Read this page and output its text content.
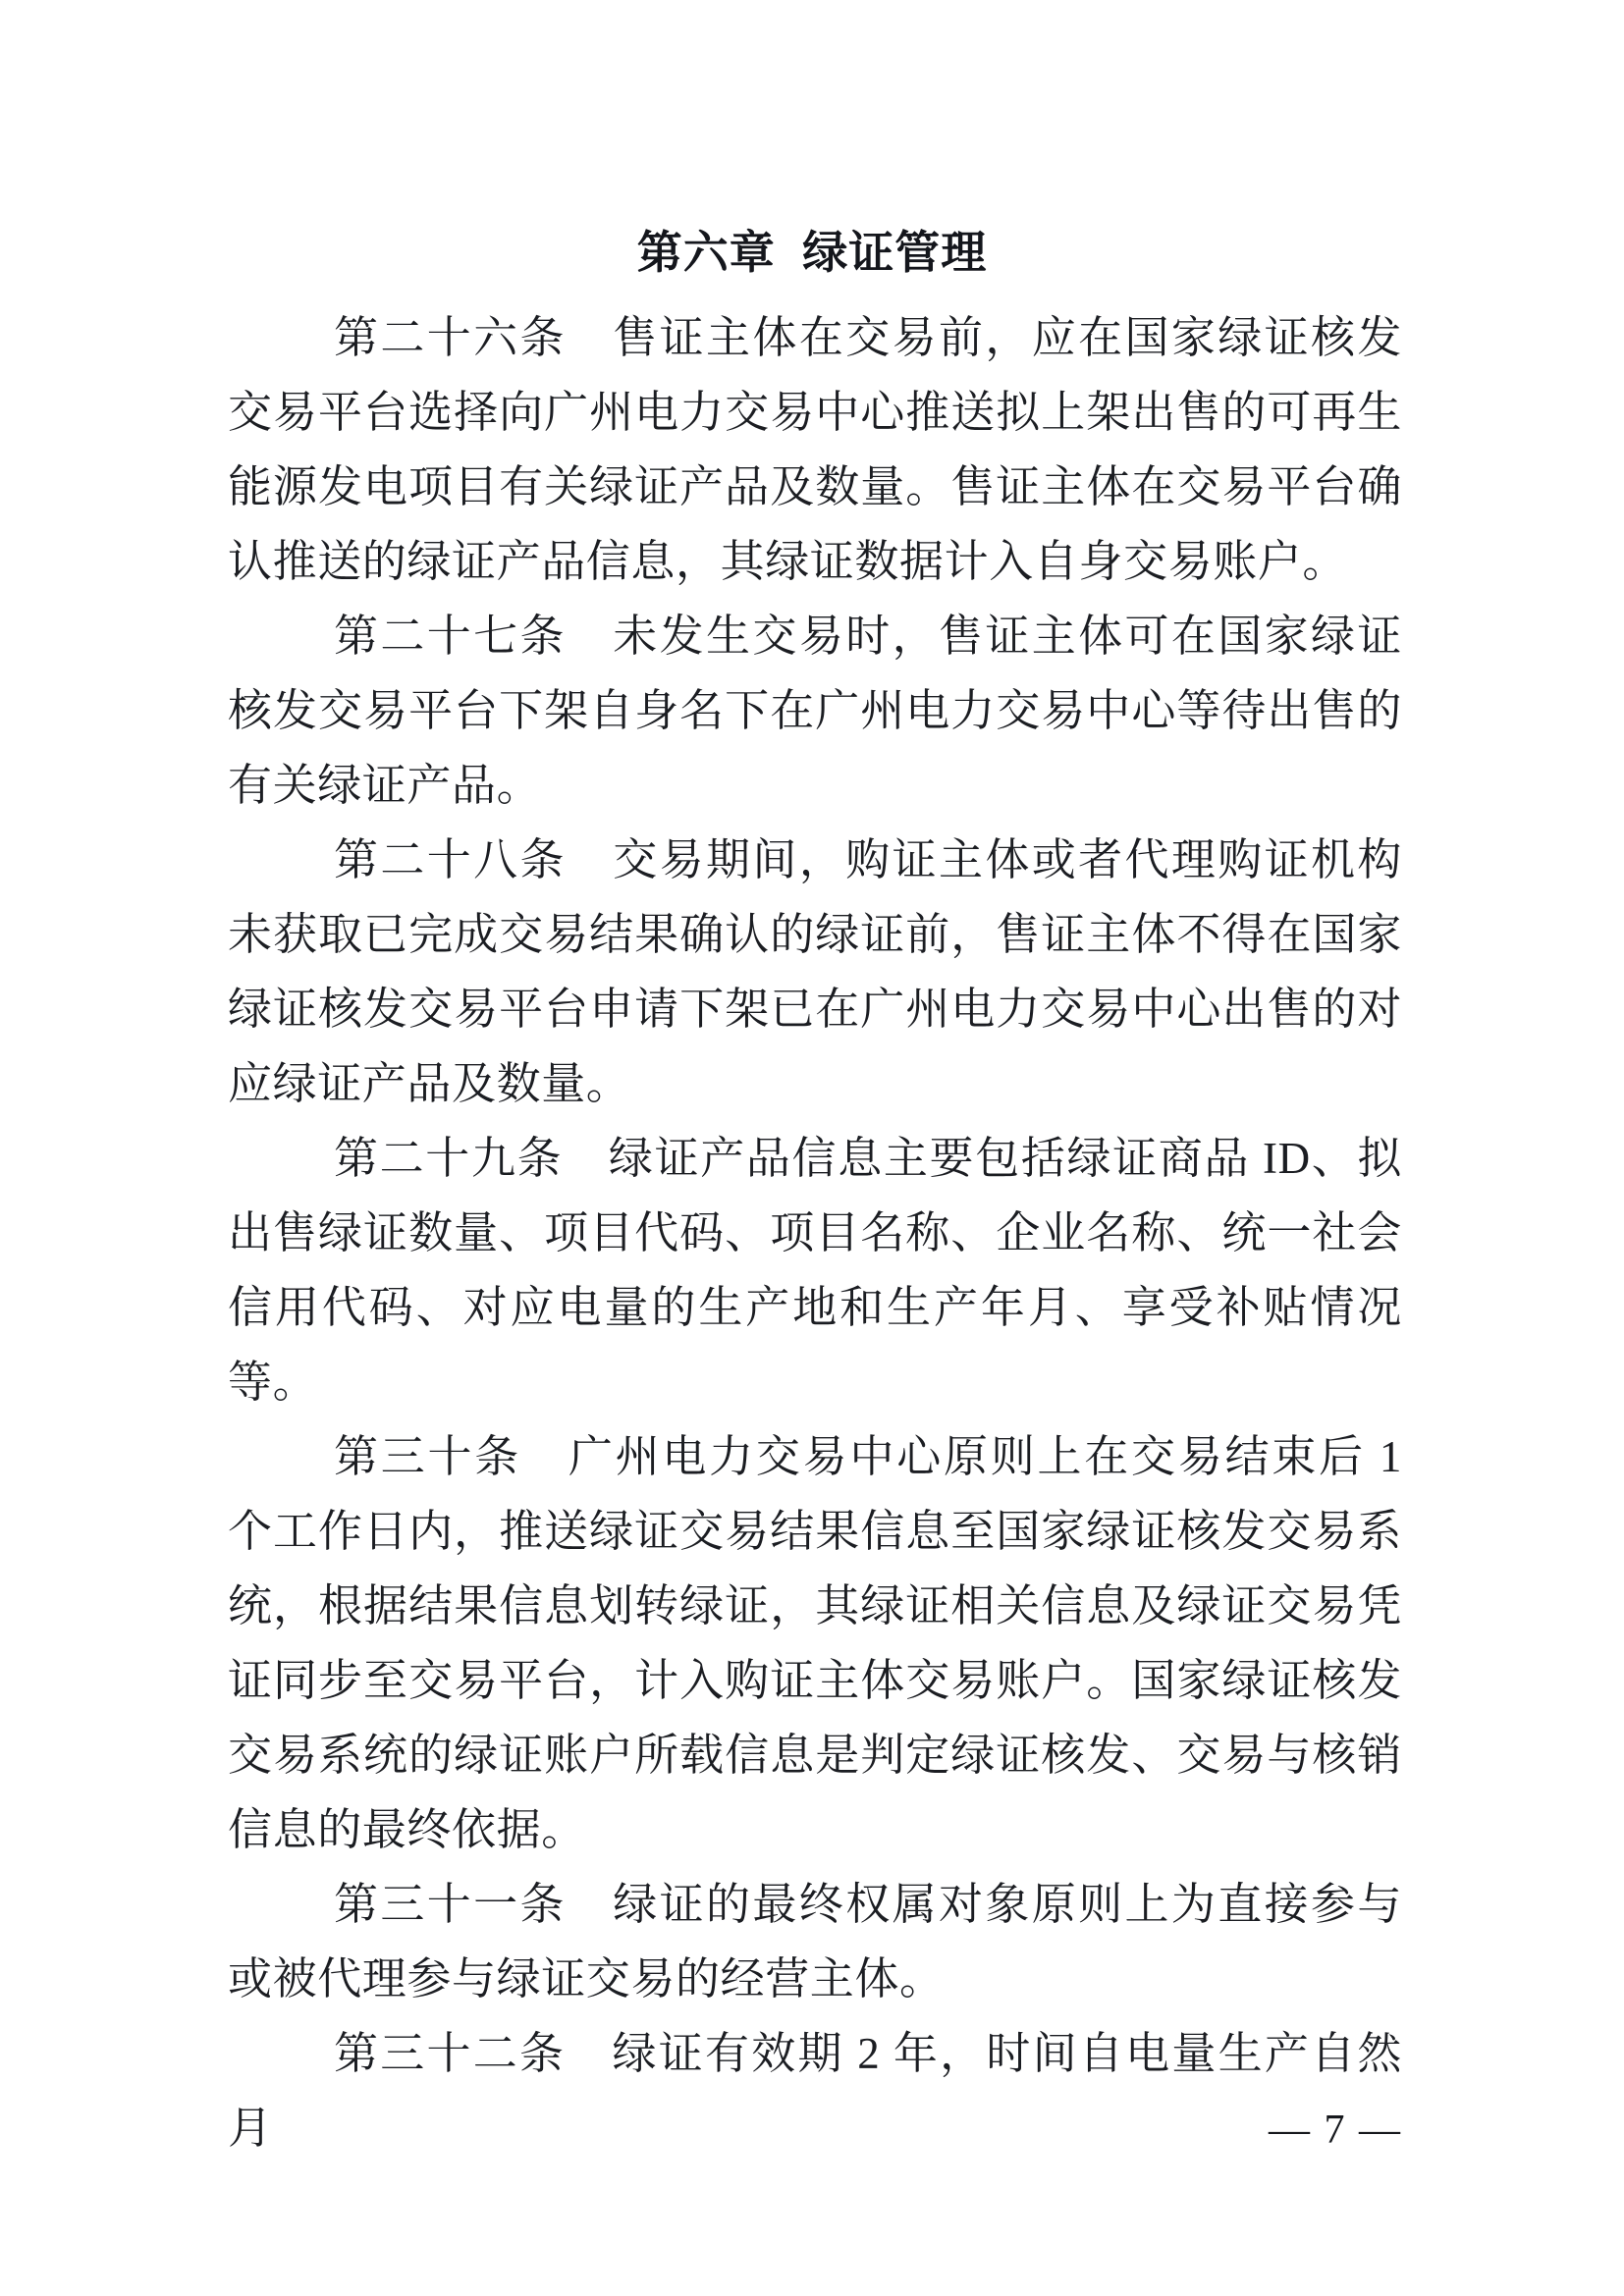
第六章  绿证管理

第二十六条　售证主体在交易前，应在国家绿证核发交易平台选择向广州电力交易中心推送拟上架出售的可再生能源发电项目有关绿证产品及数量。售证主体在交易平台确认推送的绿证产品信息，其绿证数据计入自身交易账户。

第二十七条　未发生交易时，售证主体可在国家绿证核发交易平台下架自身名下在广州电力交易中心等待出售的有关绿证产品。

第二十八条　交易期间，购证主体或者代理购证机构未获取已完成交易结果确认的绿证前，售证主体不得在国家绿证核发交易平台申请下架已在广州电力交易中心出售的对应绿证产品及数量。

第二十九条　绿证产品信息主要包括绿证商品 ID、拟出售绿证数量、项目代码、项目名称、企业名称、统一社会信用代码、对应电量的生产地和生产年月、享受补贴情况等。

第三十条　广州电力交易中心原则上在交易结束后 1 个工作日内，推送绿证交易结果信息至国家绿证核发交易系统，根据结果信息划转绿证，其绿证相关信息及绿证交易凭证同步至交易平台，计入购证主体交易账户。国家绿证核发交易系统的绿证账户所载信息是判定绿证核发、交易与核销信息的最终依据。

第三十一条　绿证的最终权属对象原则上为直接参与或被代理参与绿证交易的经营主体。

第三十二条　绿证有效期 2 年，时间自电量生产自然月	— 7 —
